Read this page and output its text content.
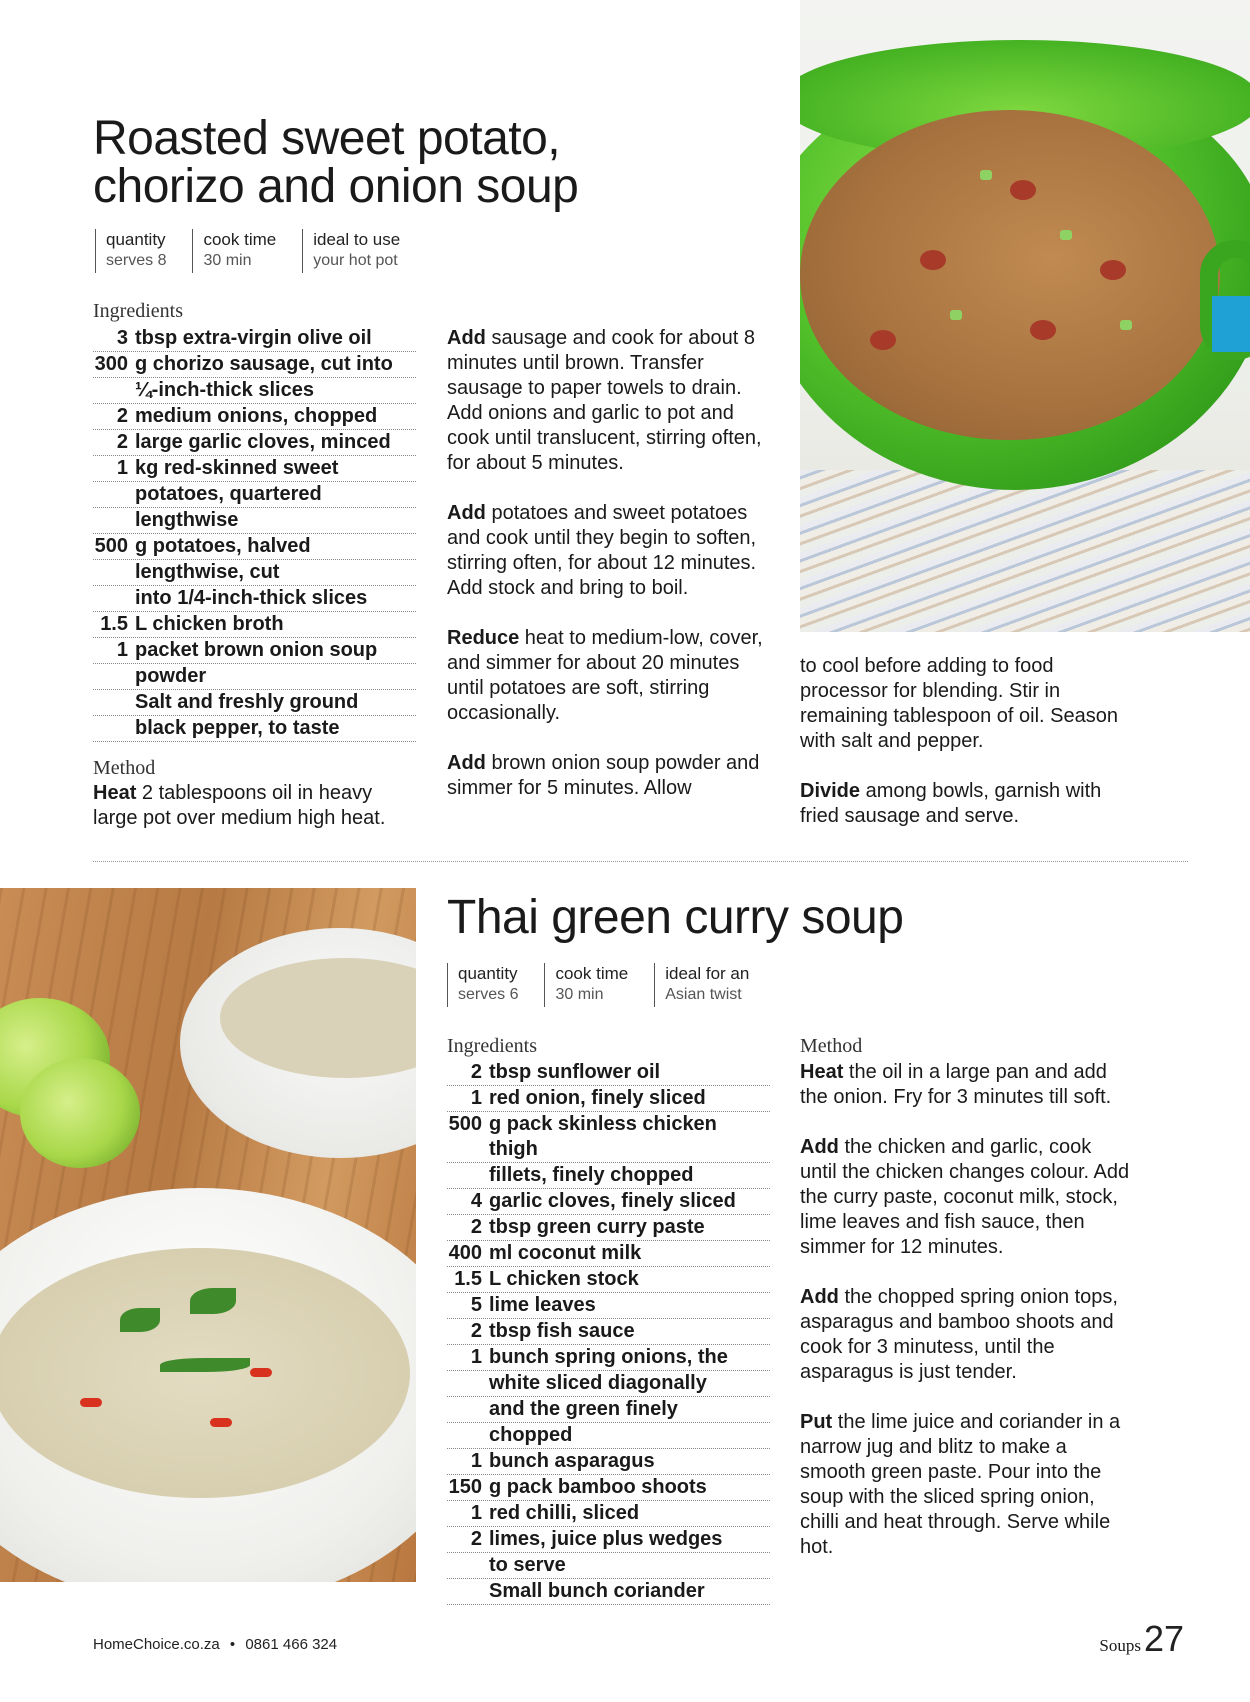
Roasted sweet potato,
chorizo and onion soup
quantity
serves 8
cook time
30 min
ideal to use
your hot pot
Ingredients
3 tbsp extra-virgin olive oil
300 g chorizo sausage, cut into
¼-inch-thick slices
2 medium onions, chopped
2 large garlic cloves, minced
1 kg red-skinned sweet
potatoes, quartered
lengthwise
500 g potatoes, halved
lengthwise, cut
into 1/4-inch-thick slices
1.5 L chicken broth
1 packet brown onion soup
powder
Salt and freshly ground
black pepper, to taste
Method
Heat 2 tablespoons oil in heavy large pot over medium high heat.

Add sausage and cook for about 8 minutes until brown. Transfer sausage to paper towels to drain. Add onions and garlic to pot and cook until translucent, stirring often, for about 5 minutes.

Add potatoes and sweet potatoes and cook until they begin to soften, stirring often, for about 12 minutes. Add stock and bring to boil.

Reduce heat to medium-low, cover, and simmer for about 20 minutes until potatoes are soft, stirring occasionally.

Add brown onion soup powder and simmer for 5 minutes. Allow

to cool before adding to food processor for blending. Stir in remaining tablespoon of oil. Season with salt and pepper.

Divide among bowls, garnish with fried sausage and serve.

Thai green curry soup
quantity
serves 6
cook time
30 min
ideal for an
Asian twist
Ingredients
2 tbsp sunflower oil
1 red onion, finely sliced
500 g pack skinless chicken thigh
fillets, finely chopped
4 garlic cloves, finely sliced
2 tbsp green curry paste
400 ml coconut milk
1.5 L chicken stock
5 lime leaves
2 tbsp fish sauce
1 bunch spring onions, the
white sliced diagonally
and the green finely
chopped
1 bunch asparagus
150 g pack bamboo shoots
1 red chilli, sliced
2 limes, juice plus wedges
to serve
Small bunch coriander
Method

Heat the oil in a large pan and add the onion. Fry for 3 minutes till soft.

Add the chicken and garlic, cook until the chicken changes colour. Add the curry paste, coconut milk, stock, lime leaves and fish sauce, then simmer for 12 minutes.

Add the chopped spring onion tops, asparagus and bamboo shoots and cook for 3 minutess, until the asparagus is just tender.

Put the lime juice and coriander in a narrow jug and blitz to make a smooth green paste. Pour into the soup with the sliced spring onion, chilli and heat through. Serve while hot.

HomeChoice.co.za • 0861 466 324	Soups 27
